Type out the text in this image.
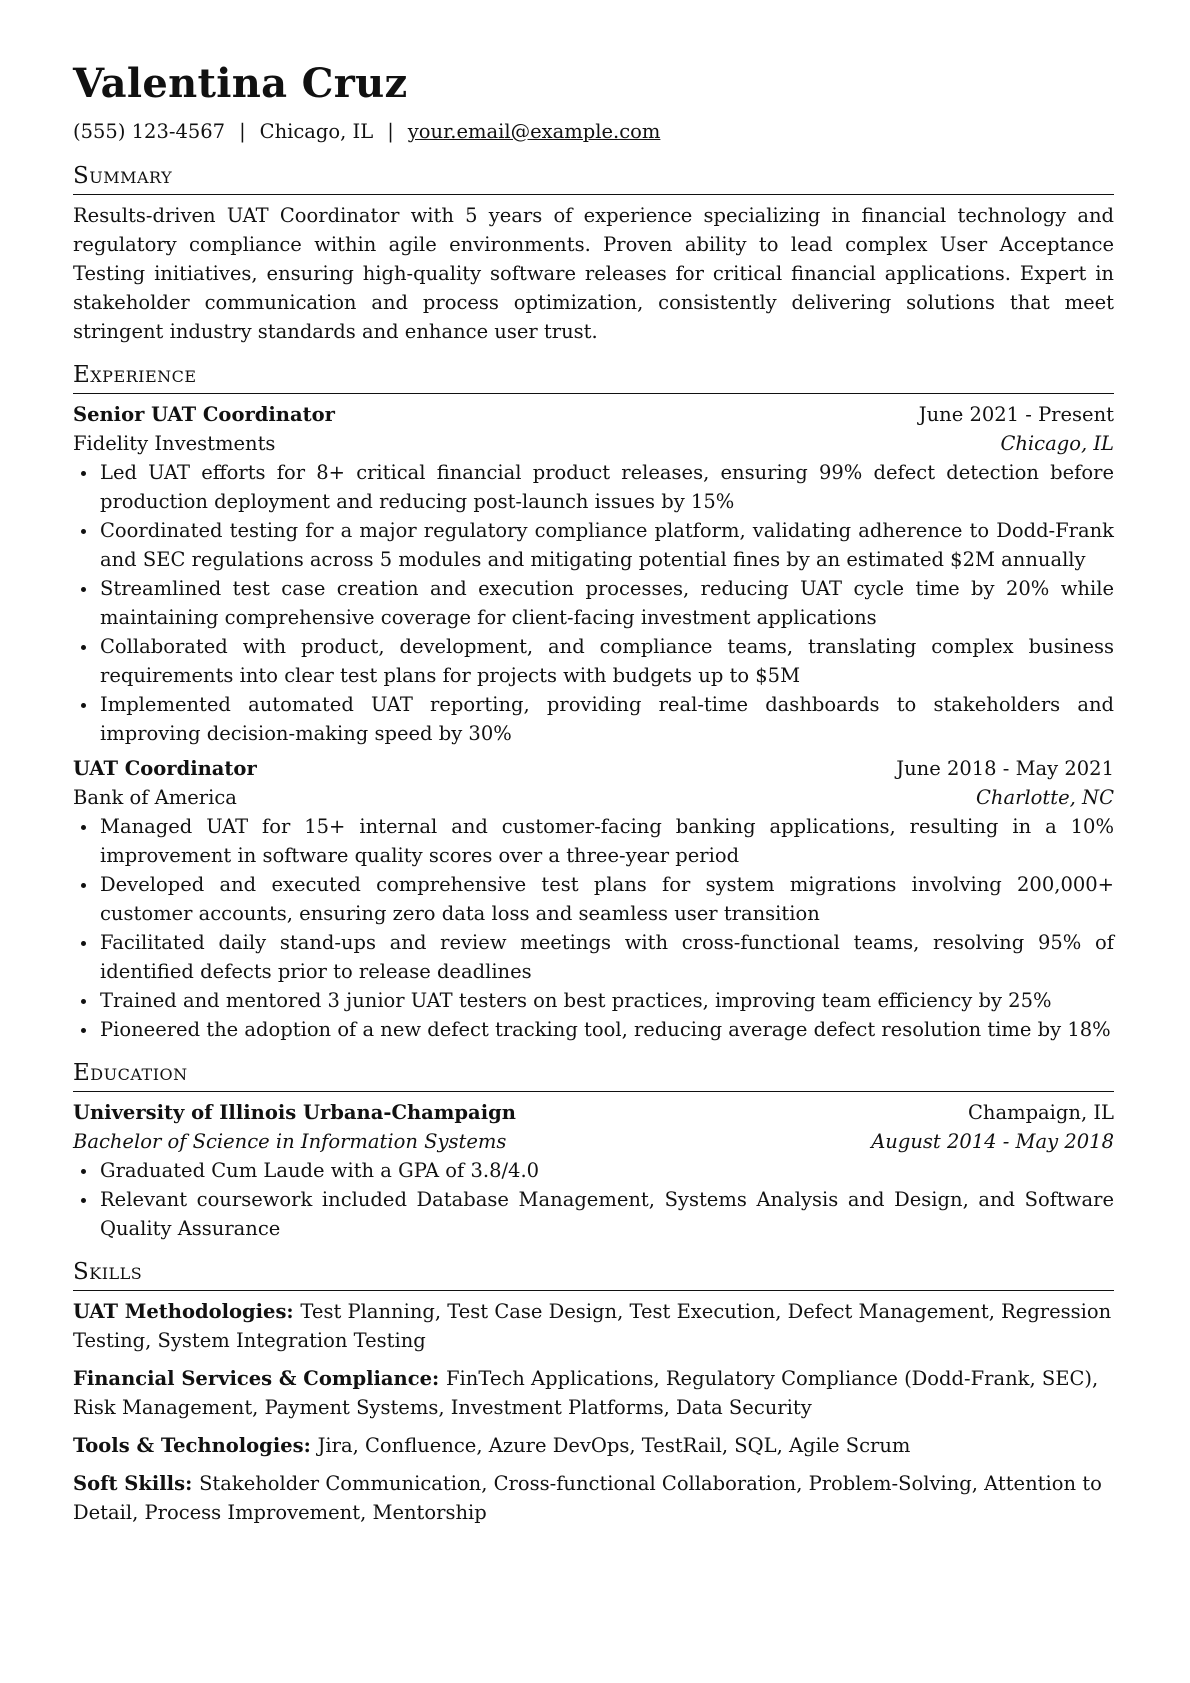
Valentina Cruz
(555) 123-4567 | Chicago, IL | your.email@example.com
Summary

Results-driven UAT Coordinator with 5 years of experience specializing in financial technology and regulatory compliance within agile environments. Proven ability to lead complex User Acceptance Testing initiatives, ensuring high-quality software releases for critical financial applications. Expert in stakeholder communication and process optimization, consistently delivering solutions that meet stringent industry standards and enhance user trust.

Experience
Senior UAT Coordinator	June 2021 - Present
Fidelity Investments	Chicago, IL
Led UAT efforts for 8+ critical financial product releases, ensuring 99% defect detection before production deployment and reducing post-launch issues by 15%
Coordinated testing for a major regulatory compliance platform, validating adherence to Dodd-Frank and SEC regulations across 5 modules and mitigating potential fines by an estimated $2M annually
Streamlined test case creation and execution processes, reducing UAT cycle time by 20% while maintaining comprehensive coverage for client-facing investment applications
Collaborated with product, development, and compliance teams, translating complex business requirements into clear test plans for projects with budgets up to $5M
Implemented automated UAT reporting, providing real-time dashboards to stakeholders and improving decision-making speed by 30%
UAT Coordinator	June 2018 - May 2021
Bank of America	Charlotte, NC
Managed UAT for 15+ internal and customer-facing banking applications, resulting in a 10% improvement in software quality scores over a three-year period
Developed and executed comprehensive test plans for system migrations involving 200,000+ customer accounts, ensuring zero data loss and seamless user transition
Facilitated daily stand-ups and review meetings with cross-functional teams, resolving 95% of identified defects prior to release deadlines
Trained and mentored 3 junior UAT testers on best practices, improving team efficiency by 25%
Pioneered the adoption of a new defect tracking tool, reducing average defect resolution time by 18%
Education
University of Illinois Urbana-Champaign	Champaign, IL
Bachelor of Science in Information Systems	August 2014 - May 2018
Graduated Cum Laude with a GPA of 3.8/4.0
Relevant coursework included Database Management, Systems Analysis and Design, and Software Quality Assurance
Skills
UAT Methodologies: Test Planning, Test Case Design, Test Execution, Defect Management, Regression Testing, System Integration Testing
Financial Services & Compliance: FinTech Applications, Regulatory Compliance (Dodd-Frank, SEC), Risk Management, Payment Systems, Investment Platforms, Data Security
Tools & Technologies: Jira, Confluence, Azure DevOps, TestRail, SQL, Agile Scrum
Soft Skills: Stakeholder Communication, Cross-functional Collaboration, Problem-Solving, Attention to Detail, Process Improvement, Mentorship
